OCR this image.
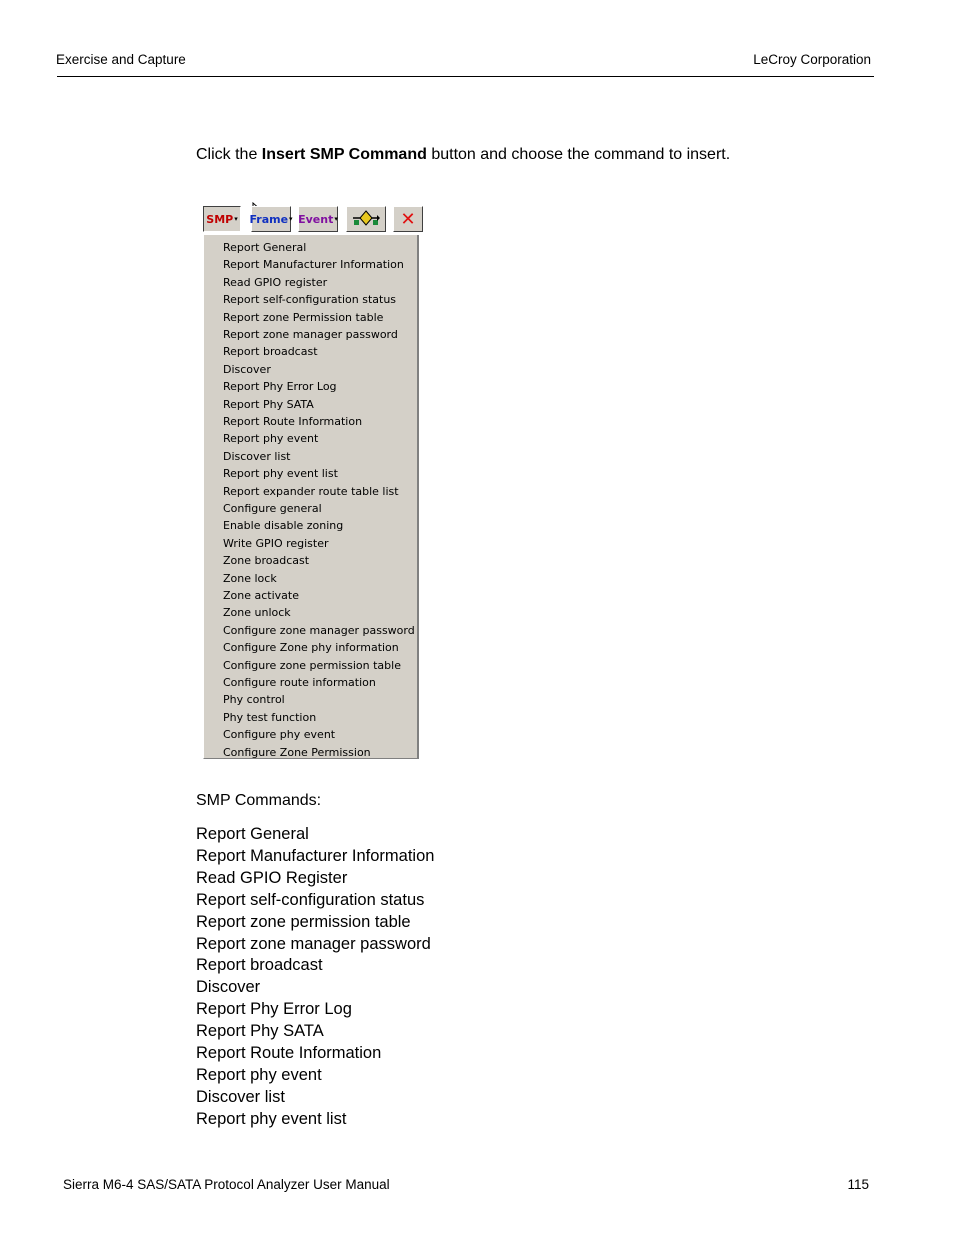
Exercise and Capture	LeCroy Corporation
Click the Insert SMP Command button and choose the command to insert.
SMP ▾ Frame ▾ Event ▾	✕
Report General
Report Manufacturer Information
Read GPIO register
Report self-configuration status
Report zone Permission table
Report zone manager password
Report broadcast
Discover
Report Phy Error Log
Report Phy SATA
Report Route Information
Report phy event
Discover list
Report phy event list
Report expander route table list
Configure general
Enable disable zoning
Write GPIO register
Zone broadcast
Zone lock
Zone activate
Zone unlock
Configure zone manager password
Configure Zone phy information
Configure zone permission table
Configure route information
Phy control
Phy test function
Configure phy event
Configure Zone Permission
SMP Commands:
Report General
Report Manufacturer Information
Read GPIO Register
Report self-configuration status
Report zone permission table
Report zone manager password
Report broadcast
Discover
Report Phy Error Log
Report Phy SATA
Report Route Information
Report phy event
Discover list
Report phy event list
Sierra M6-4 SAS/SATA Protocol Analyzer User Manual	115
